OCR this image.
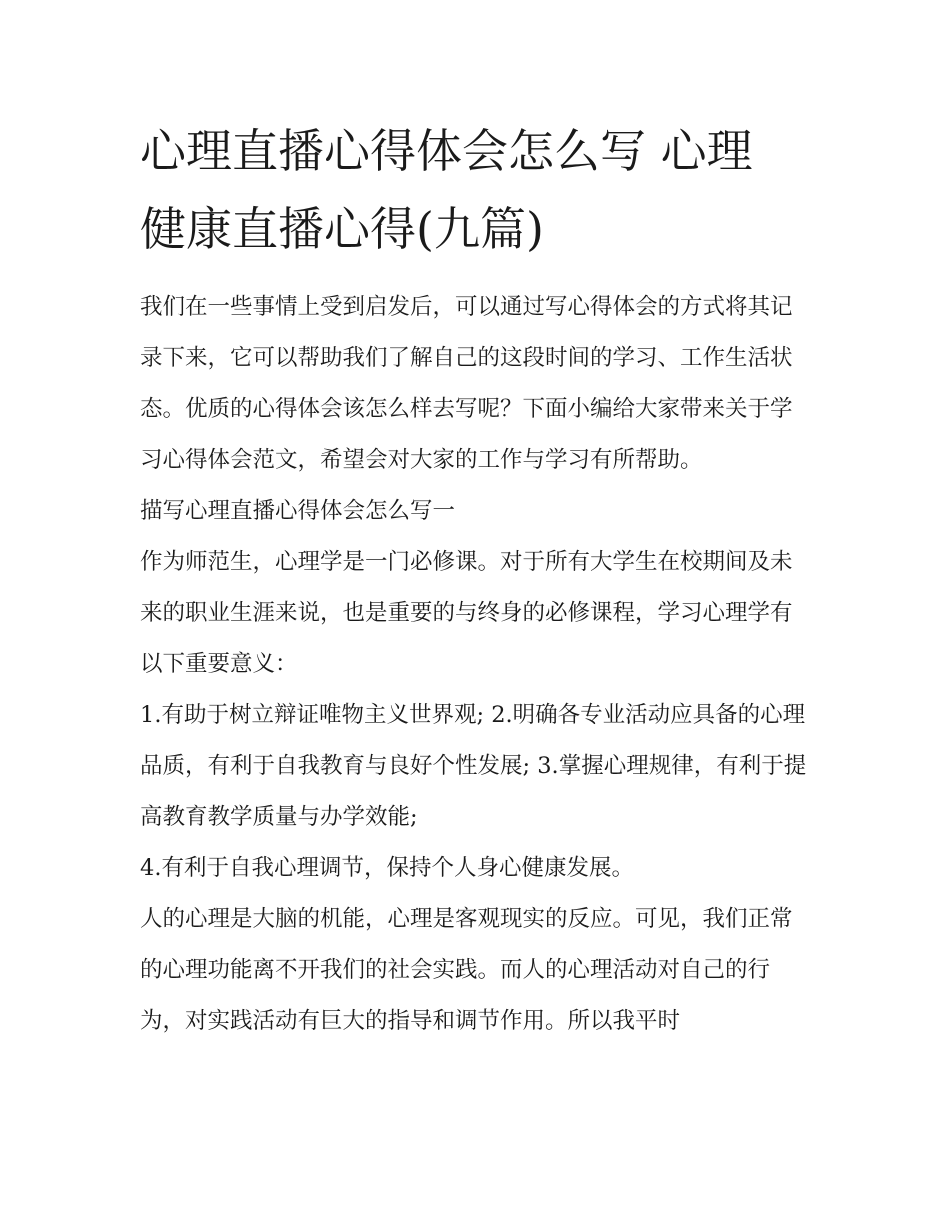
心理直播心得体会怎么写 心理
健康直播心得(九篇)

我们在一些事情上受到启发后，可以通过写心得体会的方式将其记录下来，它可以帮助我们了解自己的这段时间的学习、工作生活状态。优质的心得体会该怎么样去写呢？下面小编给大家带来关于学习心得体会范文，希望会对大家的工作与学习有所帮助。

描写心理直播心得体会怎么写一

作为师范生，心理学是一门必修课。对于所有大学生在校期间及未来的职业生涯来说，也是重要的与终身的必修课程，学习心理学有以下重要意义：

1.有助于树立辩证唯物主义世界观; 2.明确各专业活动应具备的心理品质，有利于自我教育与良好个性发展; 3.掌握心理规律，有利于提高教育教学质量与办学效能;

4.有利于自我心理调节，保持个人身心健康发展。

人的心理是大脑的机能，心理是客观现实的反应。可见，我们正常的心理功能离不开我们的社会实践。而人的心理活动对自己的行为，对实践活动有巨大的指导和调节作用。所以我平时
